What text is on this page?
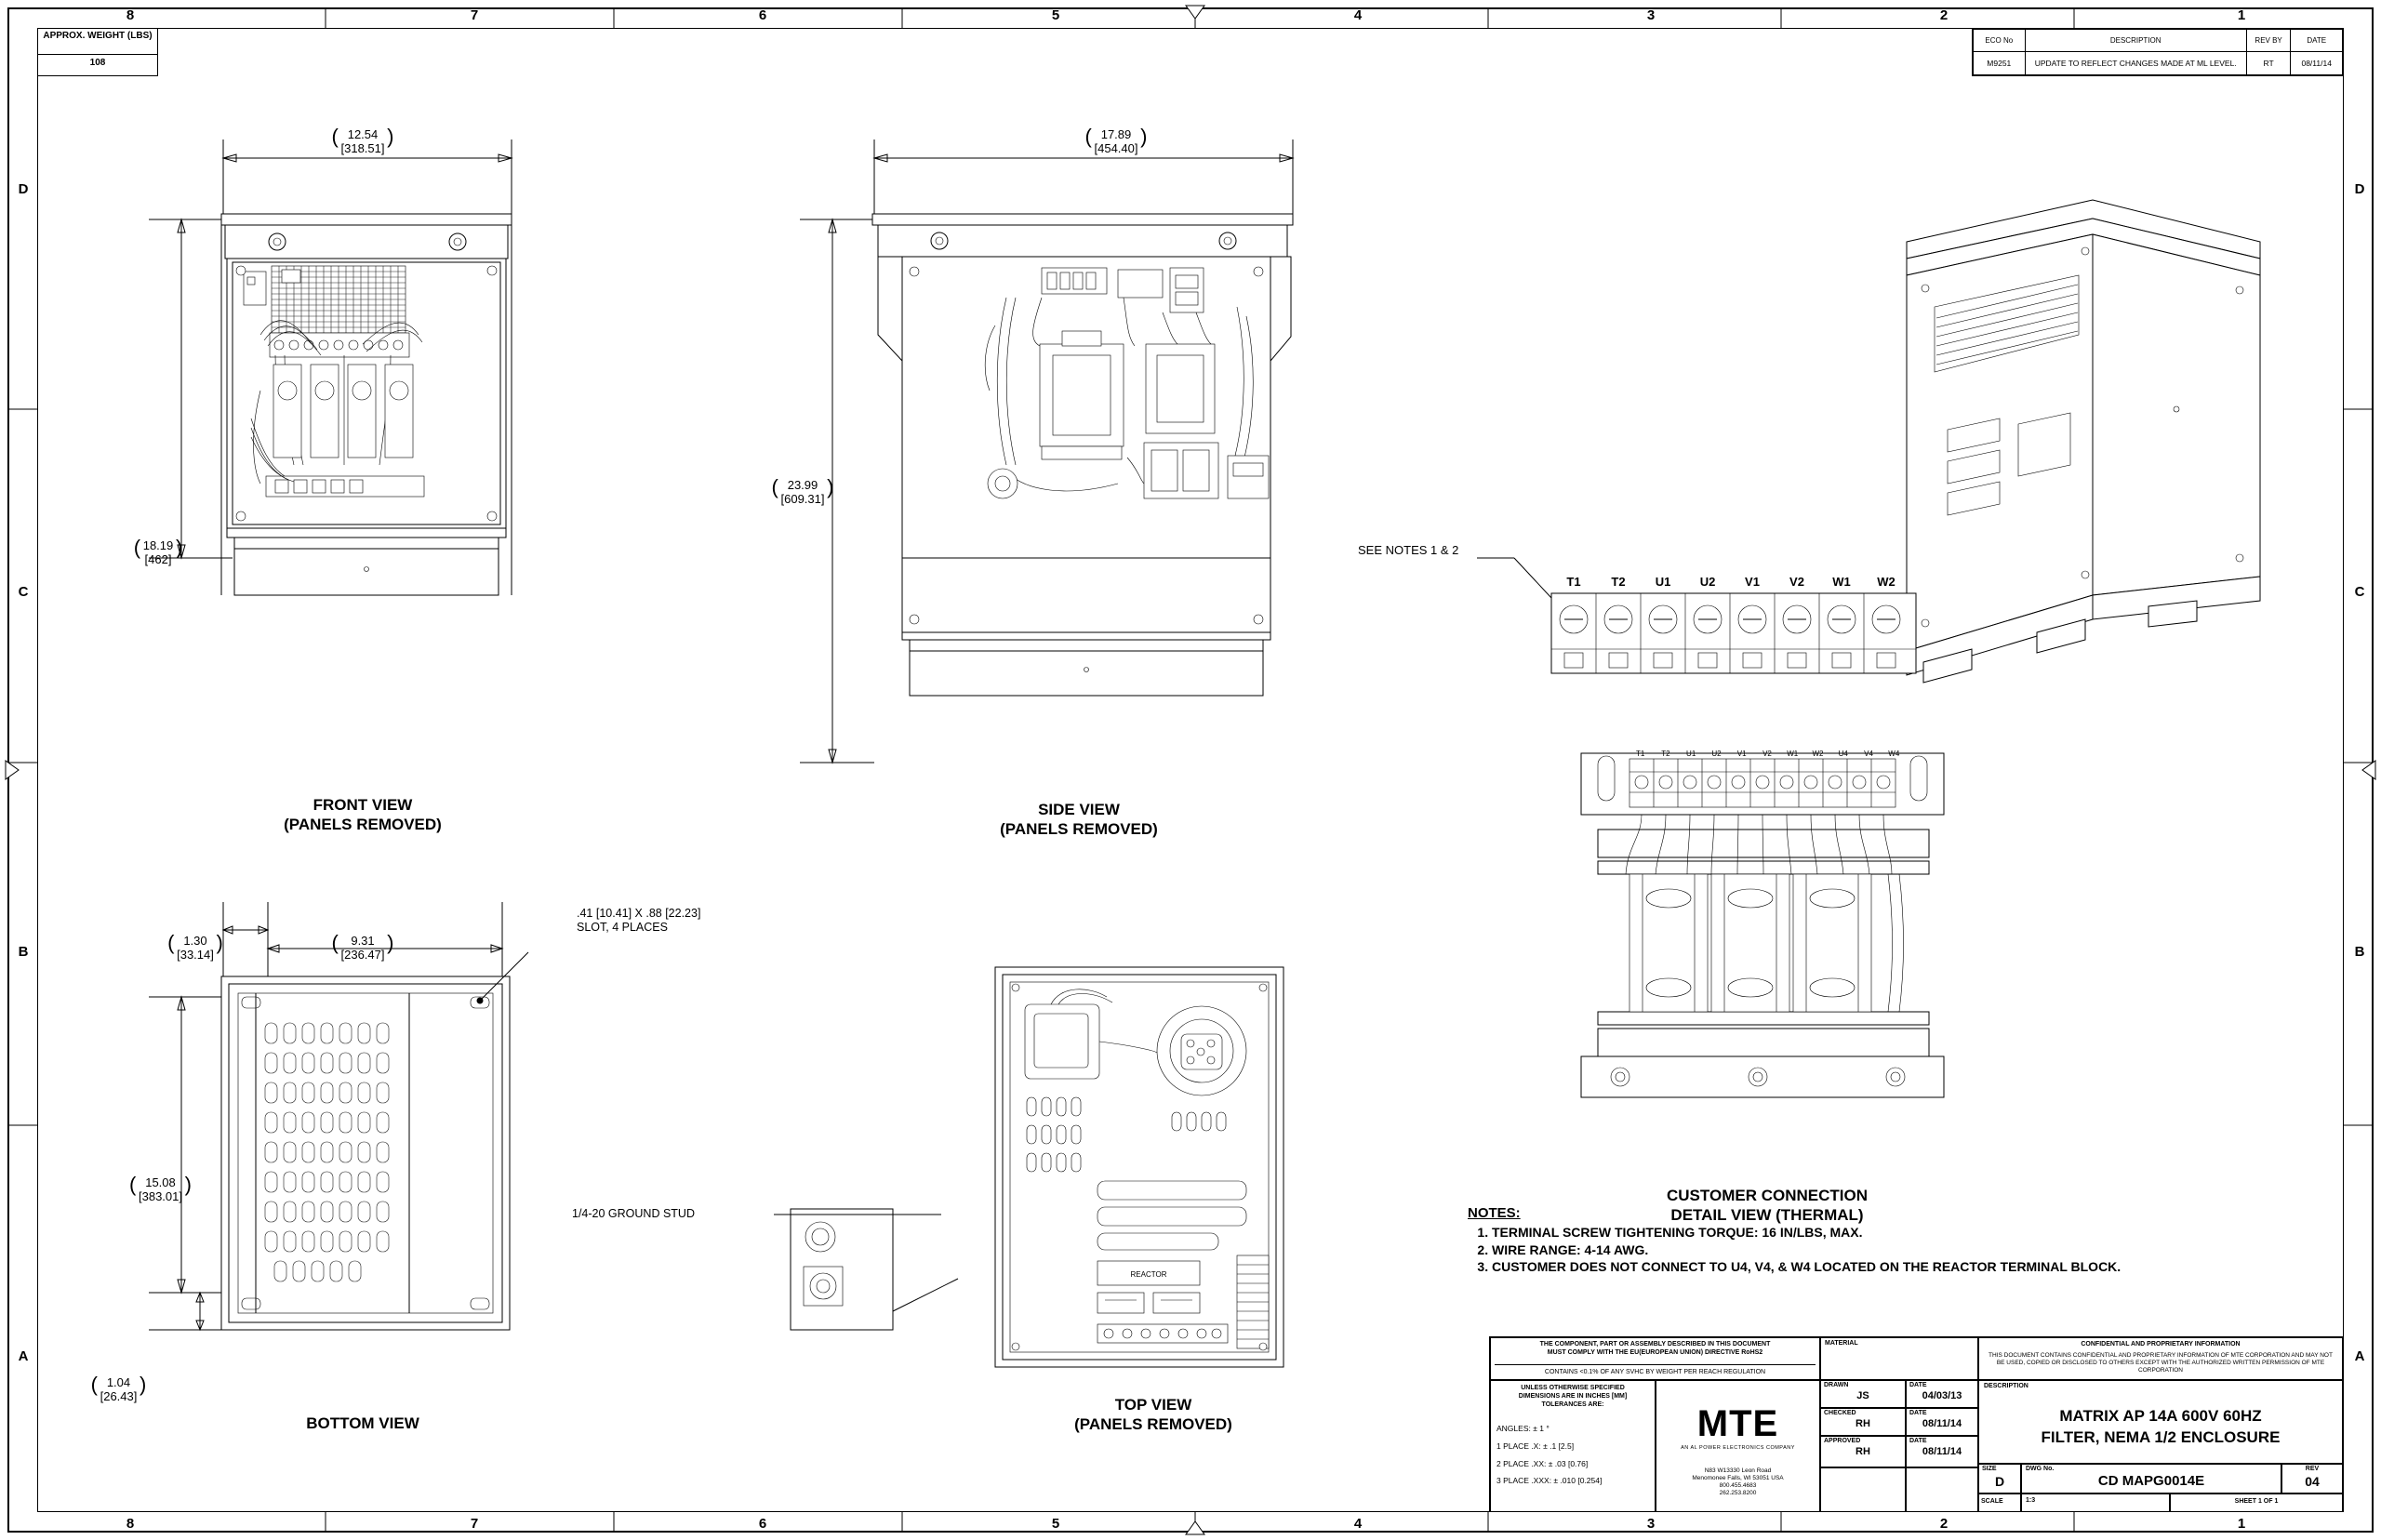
8	7	6	5	4	3	2	1
8	7	6	5	4	3	2	1
D
C
B
A
D
C
B
A
APPROX. WEIGHT (LBS)
108
ECO No	DESCRIPTION	REV BY	DATE
M9251	UPDATE TO REFLECT CHANGES MADE AT ML LEVEL.	RT	08/11/14
( 12.54
[318.51]
)
( 18.19
[462]
)
FRONT VIEW
(PANELS REMOVED)
( 17.89
[454.40]
)
( 23.99
[609.31]
)
SIDE VIEW
(PANELS REMOVED)
( 1.30
[33.14]
)
( 9.31
[236.47]
)
( 15.08
[383.01]
)
( 1.04
[26.43]
)
.41 [10.41] X .88 [22.23]
SLOT, 4 PLACES
BOTTOM VIEW
1/4-20 GROUND STUD
REACTOR
TOP VIEW
(PANELS REMOVED)
SEE NOTES 1 & 2
T1	T2	U1	U2	V1	V2	W1	W2
T1	T2	U1	U2	V1	V2	W1	W2	U4	V4	W4
CUSTOMER CONNECTION
DETAIL VIEW (THERMAL)
NOTES:
1. TERMINAL SCREW TIGHTENING TORQUE: 16 IN/LBS, MAX.
2. WIRE RANGE: 4-14 AWG.
3. CUSTOMER DOES NOT CONNECT TO U4, V4, & W4 LOCATED ON THE REACTOR TERMINAL BLOCK.
THE COMPONENT, PART OR ASSEMBLY DESCRIBED IN THIS DOCUMENT
MUST COMPLY WITH THE EU(EUROPEAN UNION) DIRECTIVE RoHS2
CONTAINS <0.1% OF ANY SVHC BY WEIGHT PER REACH REGULATION
UNLESS OTHERWISE SPECIFIED
DIMENSIONS ARE IN INCHES [MM]
TOLERANCES ARE:
ANGLES: ± 1 °
1 PLACE .X: ± .1 [2.5]
2 PLACE .XX: ± .03 [0.76]
3 PLACE .XXX: ± .010 [0.254]
MTE
AN AL POWER ELECTRONICS COMPANY
N83 W13330 Leon Road
Menomonee Falls, WI 53051 USA
800.455.4683
262.253.8200
MATERIAL	CONFIDENTIAL AND PROPRIETARY INFORMATION
THIS DOCUMENT CONTAINS CONFIDENTIAL AND PROPRIETARY INFORMATION OF MTE CORPORATION AND MAY NOT BE USED, COPIED OR DISCLOSED TO OTHERS EXCEPT WITH THE AUTHORIZED WRITTEN PERMISSION OF MTE CORPORATION
DESCRIPTION
MATRIX AP 14A 600V 60HZ
FILTER, NEMA 1/2 ENCLOSURE
DRAWN
JS
DATE
04/03/13
CHECKED
RH
DATE
08/11/14
APPROVED
RH
DATE
08/11/14
SIZE
D
DWG No.
CD MAPG0014E
REV
04
SCALE	1:3	SHEET 1 OF 1
